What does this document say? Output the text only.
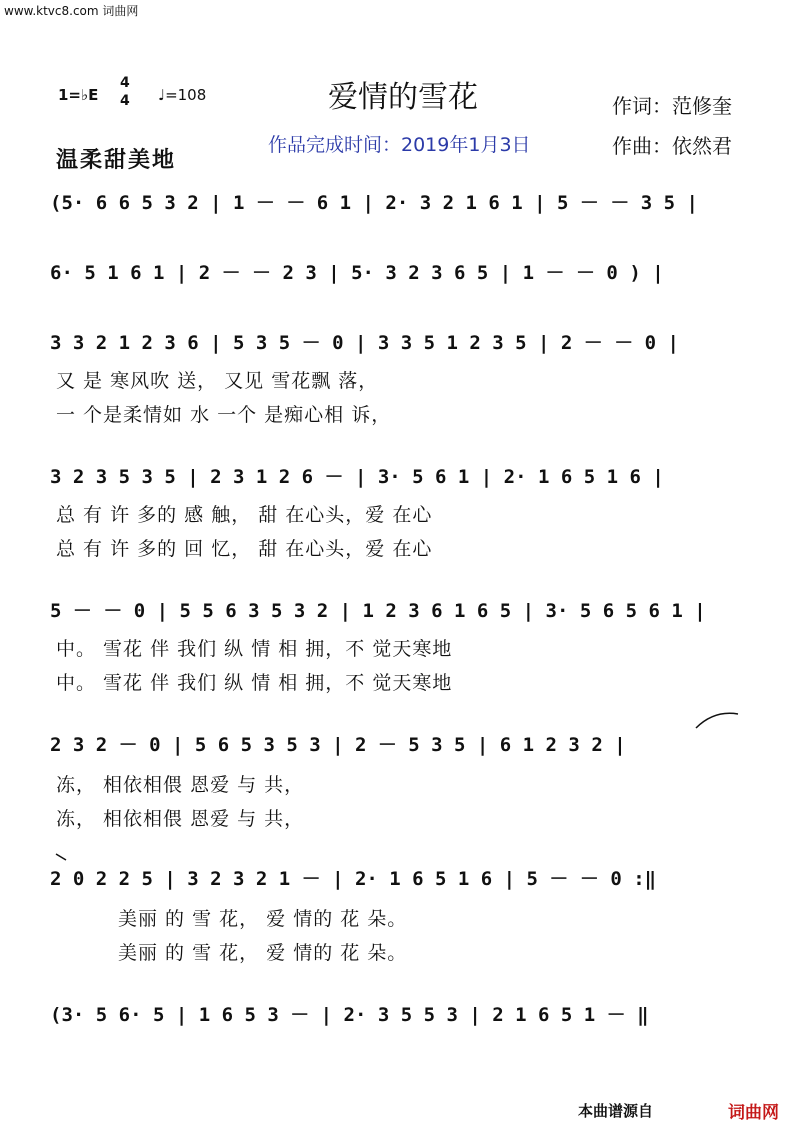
www.ktvc8.com 词曲网
1=♭E
4
4 ♩=108	爱情的雪花	作词：范修奎
作曲：依然君
作品完成时间：2019年1月3日
温柔甜美地
(5· 6 6 5 3 2 | 1 － － 6 1 | 2· 3 2 1 6 1 | 5 － － 3 5 |
6· 5 1 6 1 | 2 － － 2 3 | 5· 3 2 3 6 5 | 1 － － 0 ) |
3 3 2 1 2 3 6 | 5 3 5 － 0 | 3 3 5 1 2 3 5 | 2 － － 0 |
又 是 寒风吹 送， 又见 雪花飘 落，
一 个是柔情如 水 一个 是痴心相 诉，
3 2 3 5 3 5 | 2 3 1 2 6 － | 3· 5 6 1 | 2· 1 6 5 1 6 |
总 有 许 多的 感 触， 甜 在心头，爱 在心
总 有 许 多的 回 忆， 甜 在心头，爱 在心
5 － － 0 | 5 5 6 3 5 3 2 | 1 2 3 6 1 6 5 | 3· 5 6 5 6 1 |
中。 雪花 伴 我们 纵 情 相 拥，不 觉天寒地
中。 雪花 伴 我们 纵 情 相 拥，不 觉天寒地
2 3 2 － 0 | 5 6 5 3 5 3 | 2 － 5 3 5 | 6 1 2 3 2 |
冻， 相依相偎 恩爱 与 共，
冻， 相依相偎 恩爱 与 共，
2 0 2 2 5 | 3 2 3 2 1 － | 2· 1 6 5 1 6 | 5 － － 0 :‖
美丽 的 雪 花， 爱 情的 花 朵。
美丽 的 雪 花， 爱 情的 花 朵。
(3· 5 6· 5 | 1 6 5 3 － | 2· 3 5 5 3 | 2 1 6 5 1 － ‖
本曲谱源自	词曲网
